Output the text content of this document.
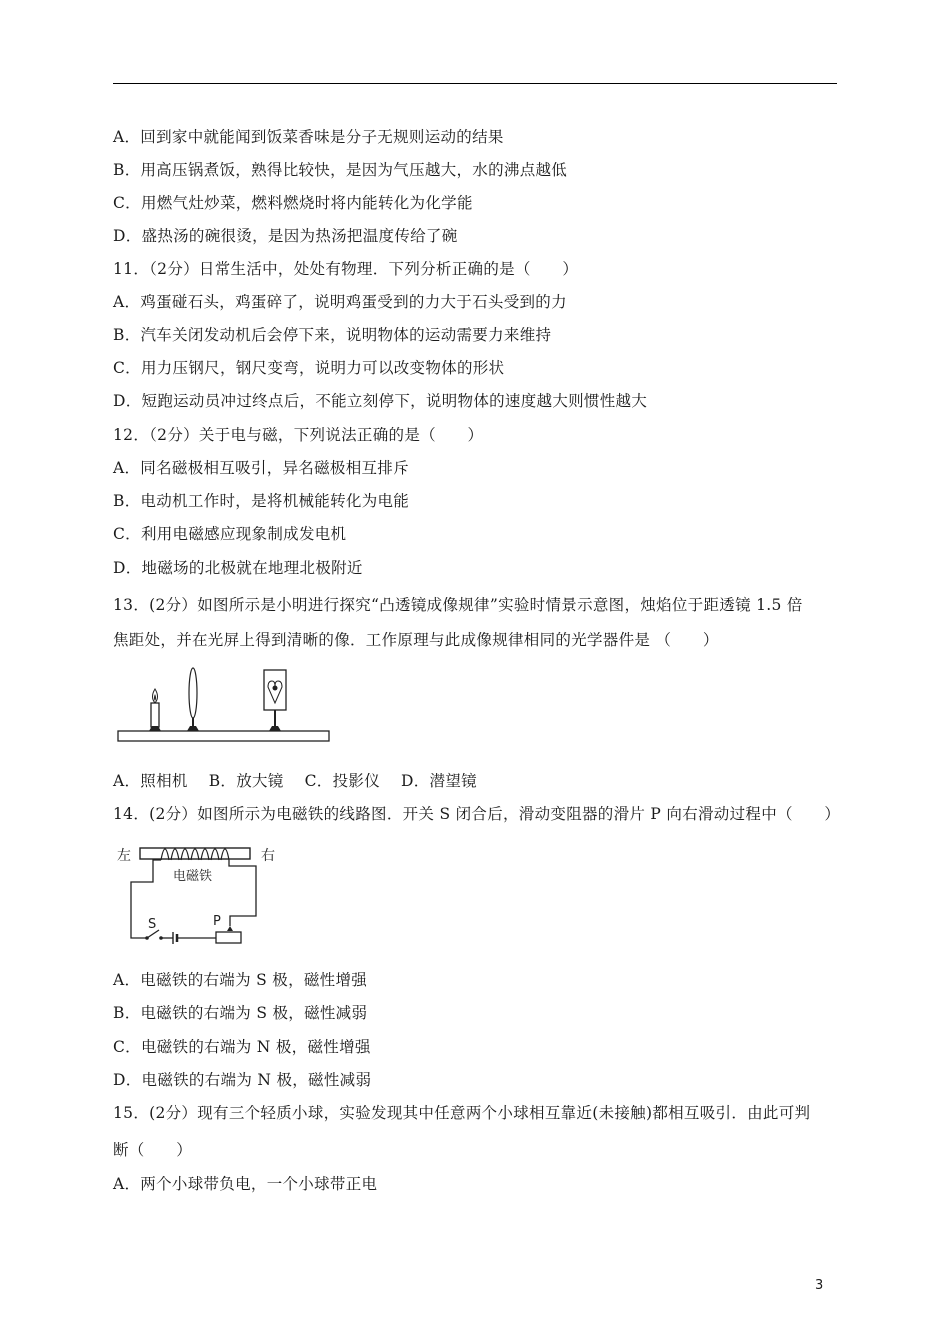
A．回到家中就能闻到饭菜香味是分子无规则运动的结果
B．用高压锅煮饭，熟得比较快，是因为气压越大，水的沸点越低
C．用燃气灶炒菜，燃料燃烧时将内能转化为化学能
D．盛热汤的碗很烫，是因为热汤把温度传给了碗
11．（2分）日常生活中，处处有物理．下列分析正确的是（　　）
A．鸡蛋碰石头，鸡蛋碎了，说明鸡蛋受到的力大于石头受到的力
B．汽车关闭发动机后会停下来，说明物体的运动需要力来维持
C．用力压钢尺，钢尺变弯，说明力可以改变物体的形状
D．短跑运动员冲过终点后，不能立刻停下，说明物体的速度越大则惯性越大
12．（2分）关于电与磁，下列说法正确的是（　　）
A．同名磁极相互吸引，异名磁极相互排斥
B．电动机工作时，是将机械能转化为电能
C．利用电磁感应现象制成发电机
D．地磁场的北极就在地理北极附近
13．(2分）如图所示是小明进行探究“凸透镜成像规律”实验时情景示意图，烛焰位于距透镜 1.5 倍
焦距处，并在光屏上得到清晰的像．工作原理与此成像规律相同的光学器件是 （　　）
A．照相机　 B．放大镜　 C．投影仪　 D．潜望镜
14．(2分）如图所示为电磁铁的线路图．开关 S 闭合后，滑动变阻器的滑片 P 向右滑动过程中（　　）
左	右
电磁铁
S	P
A．电磁铁的右端为 S 极，磁性增强
B．电磁铁的右端为 S 极，磁性减弱
C．电磁铁的右端为 N 极，磁性增强
D．电磁铁的右端为 N 极，磁性减弱
15．(2分）现有三个轻质小球，实验发现其中任意两个小球相互靠近(未接触)都相互吸引．由此可判
断（　　）
A．两个小球带负电，一个小球带正电
3
